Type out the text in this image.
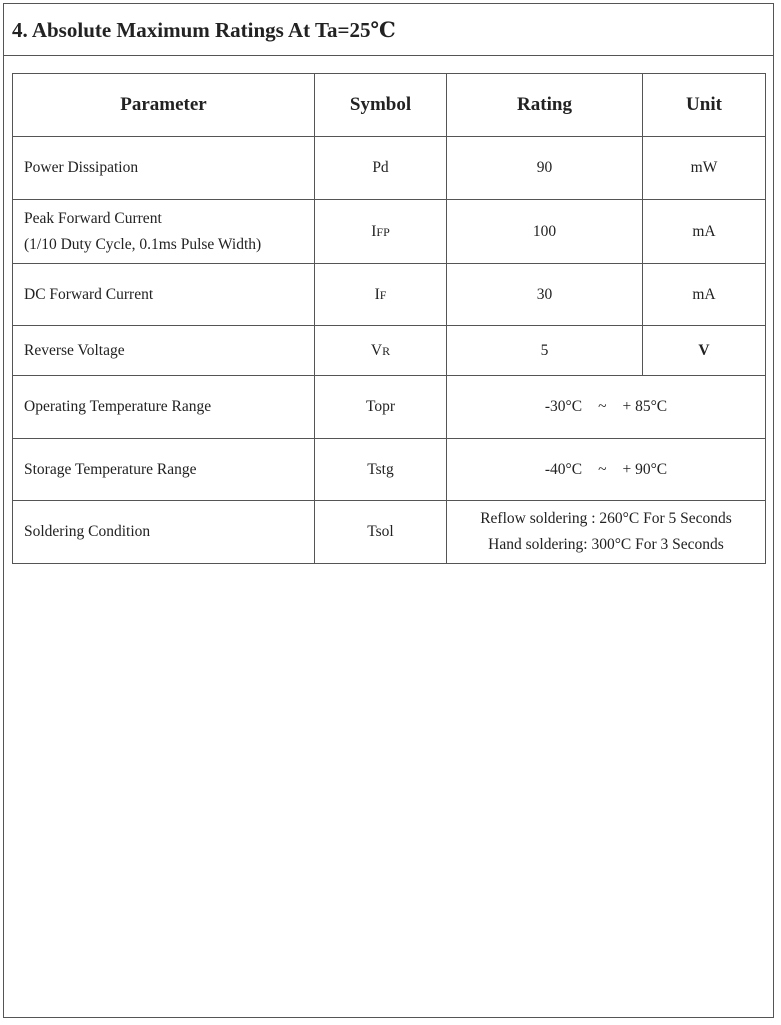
4. Absolute Maximum Ratings At Ta=25℃
Parameter	Symbol	Rating	Unit
Power Dissipation	Pd	90	mW

Peak Forward Current
(1/10 Duty Cycle, 0.1ms Pulse Width)	IFP	100	mA
DC Forward Current	IF	30	mA
Reverse Voltage	VR	5	V
Operating Temperature Range	Topr	-30°C ~ + 85°C	
Storage Temperature Range	Tstg	-40°C ~ + 90°C	
Soldering Condition	Tsol	Reflow soldering : 260°C For 5 Seconds
Hand soldering: 300°C For 3 Seconds	
